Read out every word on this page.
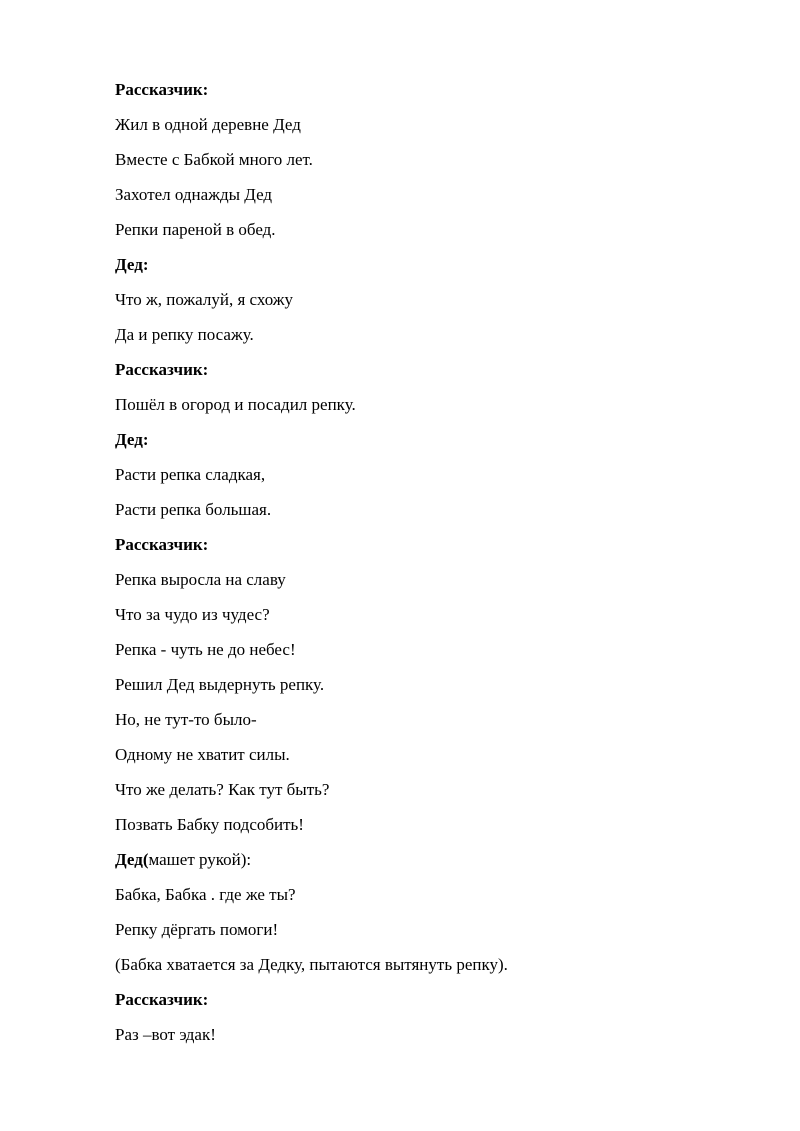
Рассказчик:
Жил в одной деревне Дед
Вместе с Бабкой много лет.
Захотел однажды Дед
Репки пареной в обед.
Дед:
Что ж, пожалуй, я схожу
Да и репку посажу.
Рассказчик:
Пошёл в огород и посадил репку.
Дед:
Расти репка сладкая,
Расти репка большая.
Рассказчик:
Репка выросла на славу
Что за чудо из чудес?
Репка - чуть не до небес!
Решил Дед выдернуть репку.
Но, не тут-то было-
Одному не хватит силы.
Что же делать? Как тут быть?
Позвать Бабку подсобить!
Дед(машет рукой):
Бабка, Бабка . где же ты?
Репку дёргать помоги!
(Бабка хватается за Дедку, пытаются вытянуть репку).
Рассказчик:
Раз –вот эдак!
